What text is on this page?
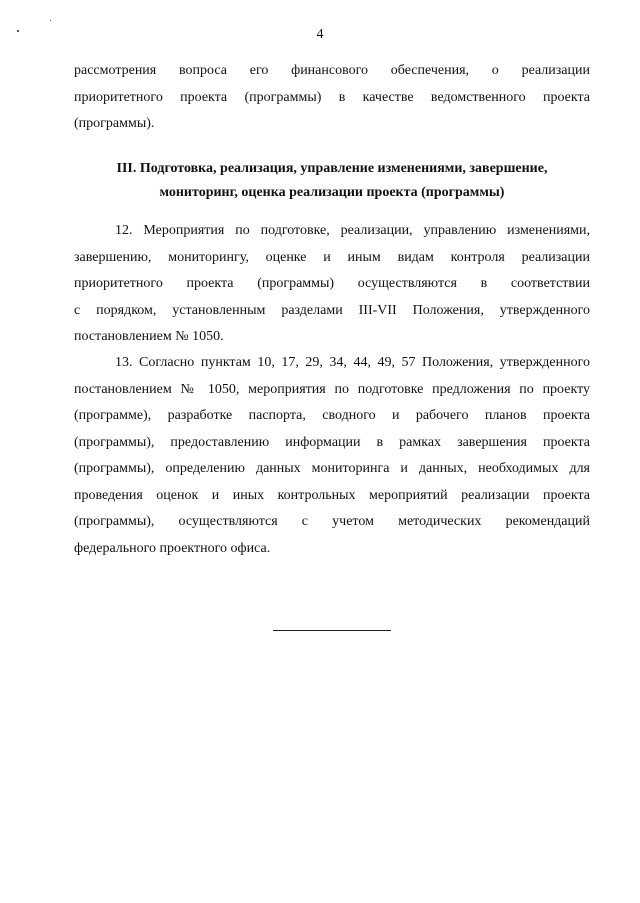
4
рассмотрения вопроса его финансового обеспечения, о реализации
приоритетного проекта (программы) в качестве ведомственного проекта
(программы).
III. Подготовка, реализация, управление изменениями, завершение,
мониторинг, оценка реализации проекта (программы)
12. Мероприятия по подготовке, реализации, управлению изменениями,
завершению, мониторингу, оценке и иным видам контроля реализации
приоритетного проекта (программы) осуществляются в соответствии
с порядком, установленным разделами III-VII Положения, утвержденного
постановлением № 1050.
13. Согласно пунктам 10, 17, 29, 34, 44, 49, 57 Положения, утвержденного
постановлением № 1050, мероприятия по подготовке предложения по проекту
(программе), разработке паспорта, сводного и рабочего планов проекта
(программы), предоставлению информации в рамках завершения проекта
(программы), определению данных мониторинга и данных, необходимых для
проведения оценок и иных контрольных мероприятий реализации проекта
(программы), осуществляются с учетом методических рекомендаций
федерального проектного офиса.
